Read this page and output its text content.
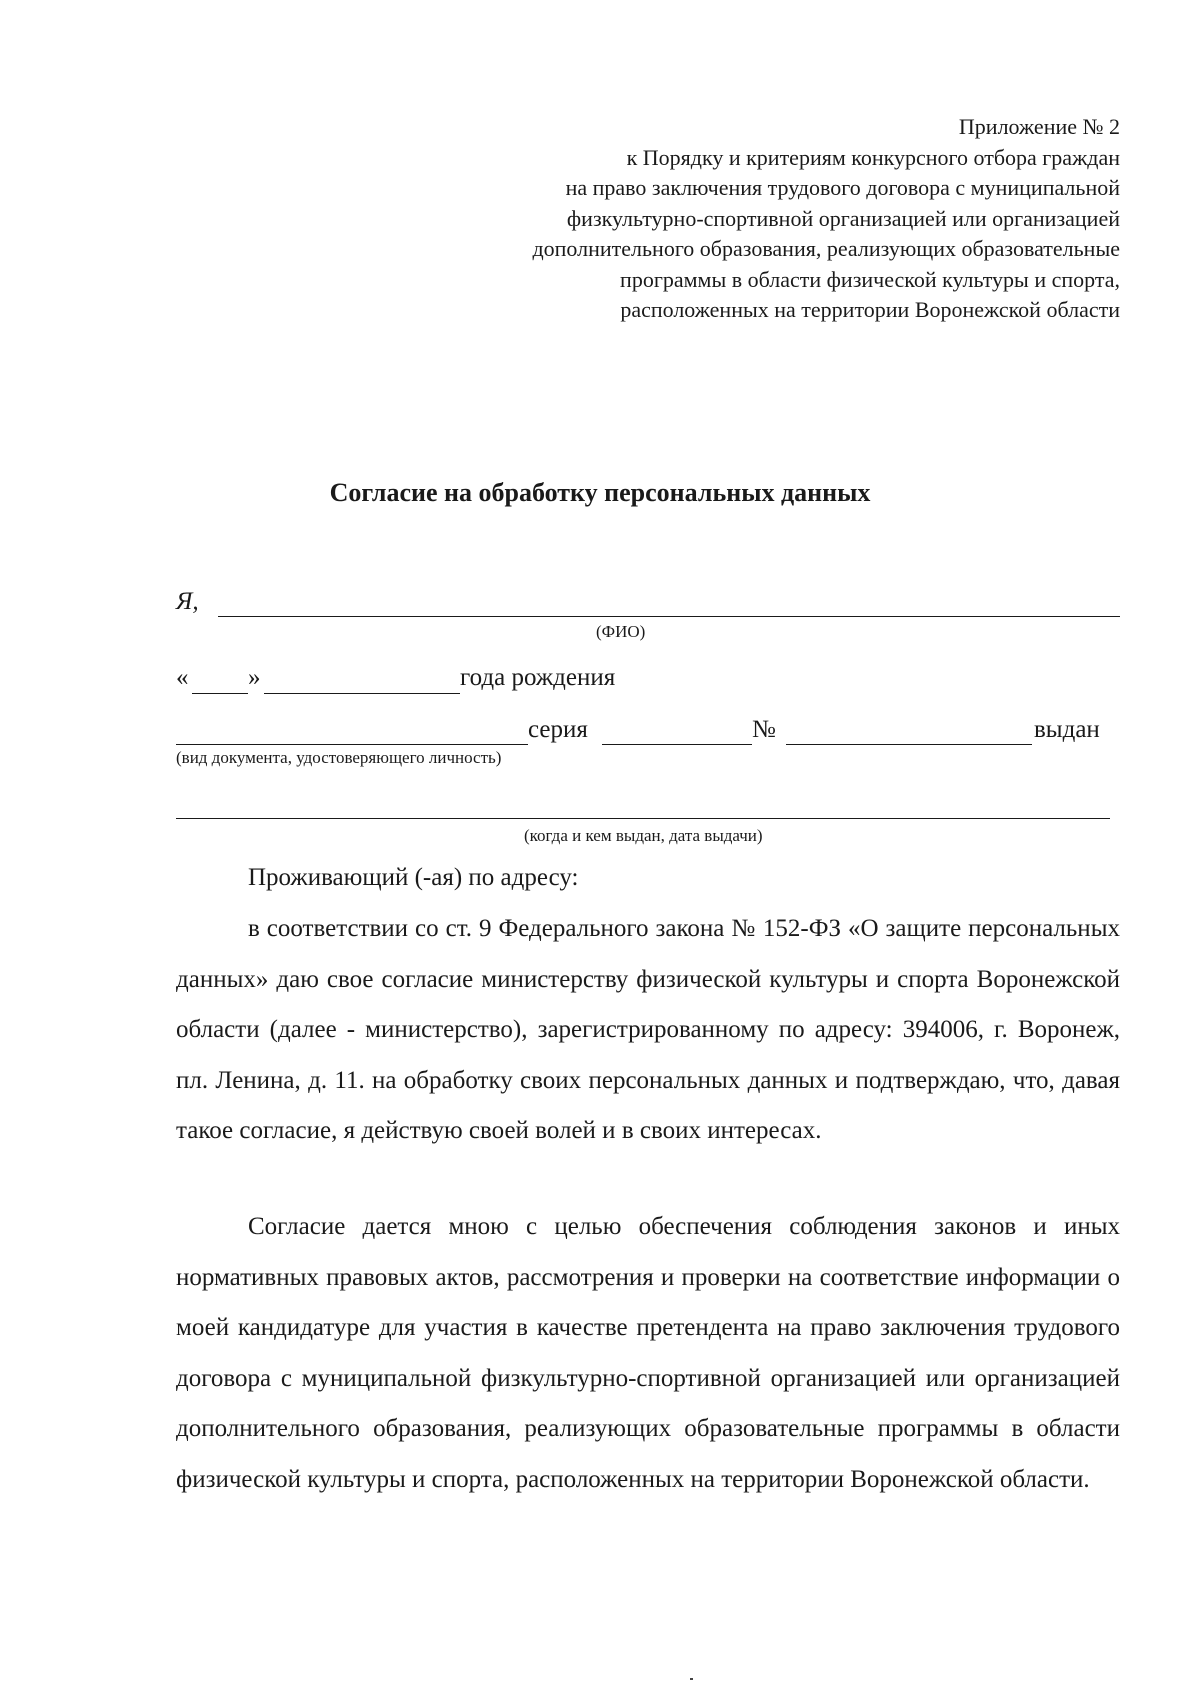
Приложение № 2
к Порядку и критериям конкурсного отбора граждан
на право заключения трудового договора с муниципальной
физкультурно-спортивной организацией или организацией
дополнительного образования, реализующих образовательные
программы в области физической культуры и спорта,
расположенных на территории Воронежской области
Согласие на обработку персональных данных
Я,
(ФИО)
« »	года рождения
серия	№	выдан
(вид документа, удостоверяющего личность)
(когда и кем выдан, дата выдачи)
Проживающий (-ая) по адресу:
в соответствии со ст. 9 Федерального закона № 152-ФЗ «О защите персональных данных» даю свое согласие министерству физической культуры и спорта Воронежской области (далее - министерство), зарегистрированному по адресу: 394006, г. Воронеж, пл. Ленина, д. 11. на обработку своих персональных данных и подтверждаю, что, давая такое согласие, я действую своей волей и в своих интересах.
Согласие дается мною с целью обеспечения соблюдения законов и иных нормативных правовых актов, рассмотрения и проверки на соответствие информации о моей кандидатуре для участия в качестве претендента на право заключения трудового договора с муниципальной физкультурно-спортивной организацией или организацией дополнительного образования, реализующих образовательные программы в области физической культуры и спорта, расположенных на территории Воронежской области.
